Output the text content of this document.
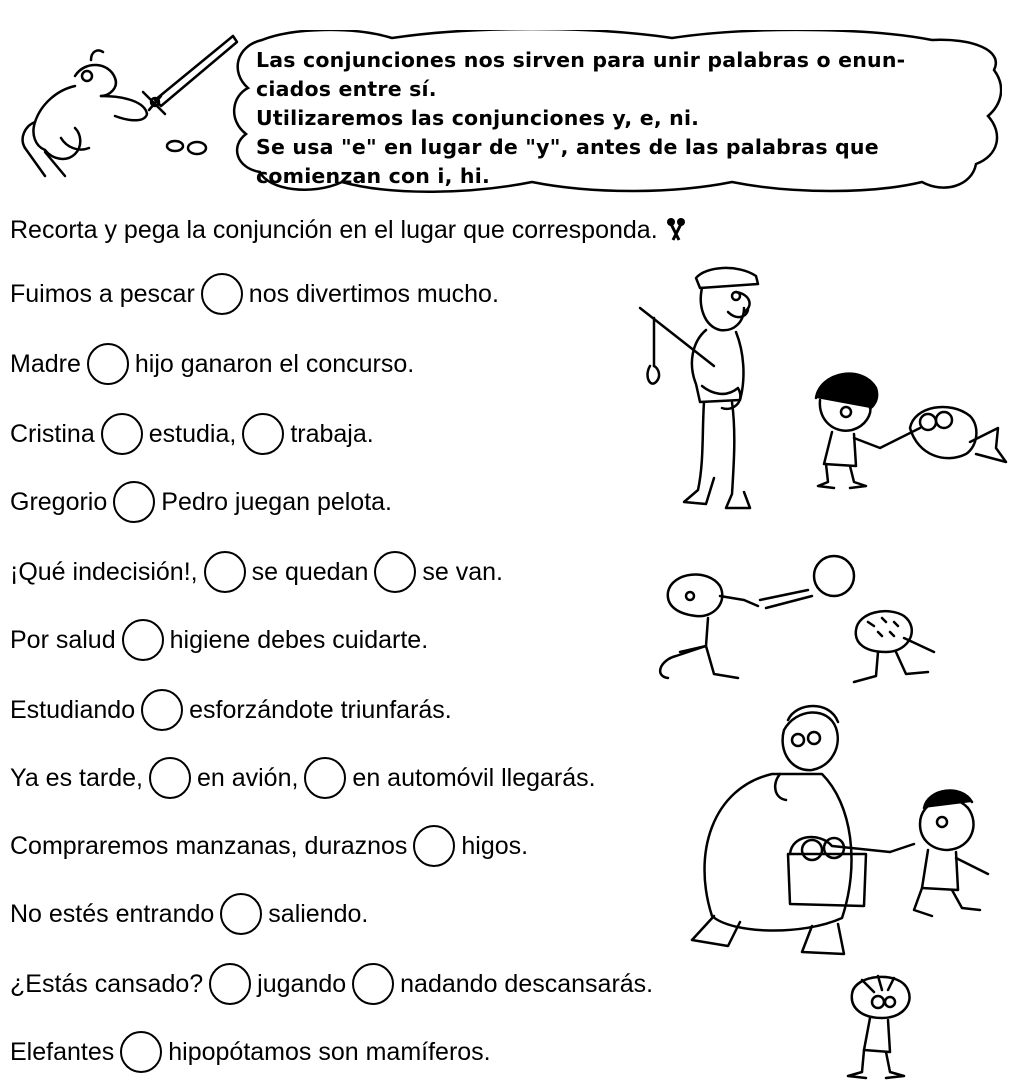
Las conjunciones nos sirven para unir palabras o enun-
ciados entre sí.
Utilizaremos las conjunciones y, e, ni.
Se usa "e" en lugar de "y", antes de las palabras que
comienzan con i, hi.
Recorta y pega la conjunción en el lugar que corresponda.
Fuimos a pescar nos divertimos mucho.
Madre hijo ganaron el concurso.
Cristina estudia, trabaja.
Gregorio Pedro juegan pelota.
¡Qué indecisión!, se quedan se van.
Por salud higiene debes cuidarte.
Estudiando esforzándote triunfarás.
Ya es tarde, en avión, en automóvil llegarás.
Compraremos manzanas, duraznos higos.
No estés entrando saliendo.
¿Estás cansado? jugando nadando descansarás.
Elefantes hipopótamos son mamíferos.
